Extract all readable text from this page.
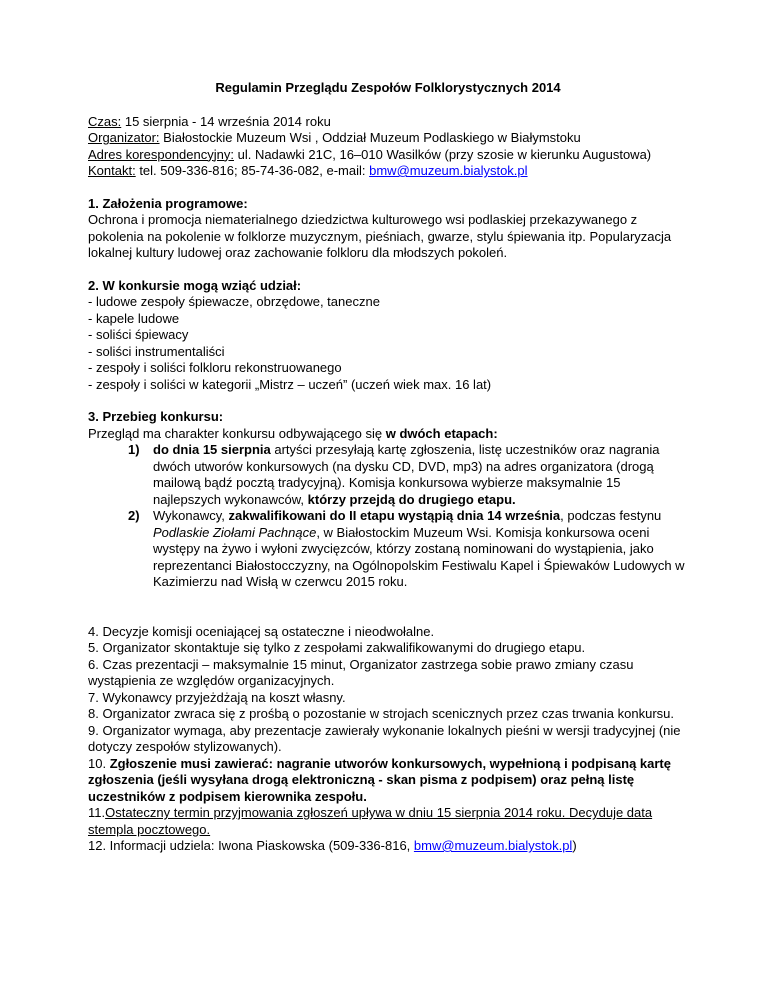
Regulamin Przeglądu Zespołów Folklorystycznych 2014

Czas: 15 sierpnia - 14 września 2014 roku

Organizator: Białostockie Muzeum Wsi , Oddział Muzeum Podlaskiego w Białymstoku

Adres korespondencyjny: ul. Nadawki 21C, 16–010 Wasilków (przy szosie w kierunku Augustowa)

Kontakt: tel. 509-336-816; 85-74-36-082, e-mail: bmw@muzeum.bialystok.pl

1. Założenia programowe:

Ochrona i promocja niematerialnego dziedzictwa kulturowego wsi podlaskiej przekazywanego z pokolenia na pokolenie w folklorze muzycznym, pieśniach, gwarze, stylu śpiewania itp. Popularyzacja lokalnej kultury ludowej oraz zachowanie folkloru dla młodszych pokoleń.

2. W konkursie mogą wziąć udział:

- ludowe zespoły śpiewacze, obrzędowe, taneczne

- kapele ludowe

- soliści śpiewacy

- soliści instrumentaliści

- zespoły i soliści folkloru rekonstruowanego

- zespoły i soliści w kategorii „Mistrz – uczeń” (uczeń wiek max. 16 lat)

3. Przebieg konkursu:

Przegląd ma charakter konkursu odbywającego się w dwóch etapach:

1) do dnia 15 sierpnia artyści przesyłają kartę zgłoszenia, listę uczestników oraz nagrania dwóch utworów konkursowych (na dysku CD, DVD, mp3) na adres organizatora (drogą mailową bądź pocztą tradycyjną). Komisja konkursowa wybierze maksymalnie 15 najlepszych wykonawców, którzy przejdą do drugiego etapu.
2) Wykonawcy, zakwalifikowani do II etapu wystąpią dnia 14 września, podczas festynu Podlaskie Ziołami Pachnące, w Białostockim Muzeum Wsi. Komisja konkursowa oceni występy na żywo i wyłoni zwycięzców, którzy zostaną nominowani do wystąpienia, jako reprezentanci Białostocczyzny, na Ogólnopolskim Festiwalu Kapel i Śpiewaków Ludowych w Kazimierzu nad Wisłą w czerwcu 2015 roku.

4. Decyzje komisji oceniającej są ostateczne i nieodwołalne.

5. Organizator skontaktuje się tylko z zespołami zakwalifikowanymi do drugiego etapu.

6. Czas prezentacji – maksymalnie 15 minut, Organizator zastrzega sobie prawo zmiany czasu wystąpienia ze względów organizacyjnych.

7. Wykonawcy przyjeżdżają na koszt własny.

8. Organizator zwraca się z prośbą o pozostanie w strojach scenicznych przez czas trwania konkursu.

9. Organizator wymaga, aby prezentacje zawierały wykonanie lokalnych pieśni w wersji tradycyjnej (nie dotyczy zespołów stylizowanych).

10. Zgłoszenie musi zawierać: nagranie utworów konkursowych, wypełnioną i podpisaną kartę zgłoszenia (jeśli wysyłana drogą elektroniczną - skan pisma z podpisem) oraz pełną listę uczestników z podpisem kierownika zespołu.

11.Ostateczny termin przyjmowania zgłoszeń upływa w dniu 15 sierpnia 2014 roku. Decyduje data stempla pocztowego.

12. Informacji udziela: Iwona Piaskowska (509-336-816, bmw@muzeum.bialystok.pl)
